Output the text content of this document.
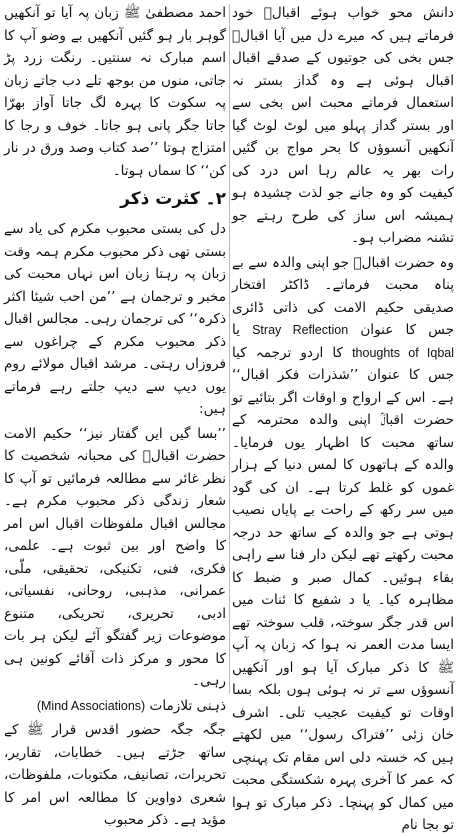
دانش محو خواب ہوئے اقبالؒ خود فرماتے ہیں کہ میرے دل میں آیا اقبالؒ جس بخی کی جوتیوں کے صدقے اقبال اقبال ہوئی ہے وہ گداز بستر نہ استعمال فرماتے محبت اس بخی سے اور بستر گداز پہلو میں لوٹ لوٹ گیا آنکھیں آنسوؤں کا بحر مواج بن گئیں رات بھر یہ عالم رہا اس درد کی کیفیت کو وہ جانے جو لذت چشیدہ ہو ہمیشہ اس ساز کی طرح رہتے جو تشنہ مضراب ہو۔

وہ حضرت اقبالؒ جو اپنی والدہ سے بے پناہ محبت فرماتے۔ ڈاکٹر افتخار صدیقی حکیم الامت کی ذاتی ڈائری جس کا عنوان Stray Reflection یا thoughts of Iqbal کا اردو ترجمہ کیا جس کا عنوان ’’شذرات فکر اقبال‘‘ ہے۔ اس کے ارواح و اوقات اگر بتائیے تو حضرت اقبالؒ اپنی والدہ محترمہ کے ساتھ محبت کا اظہار یوں فرمایا۔ والدہ کے ہاتھوں کا لمس دنیا کے ہزار غموں کو غلط کرتا ہے۔ ان کی گود میں سر رکھ کے راحت بے پایاں نصیب ہوتی ہے جو والدہ کے ساتھ حد درجہ محبت رکھتے تھے لیکن دار فنا سے راہی بقاء ہوئیں۔ کمال صبر و ضبط کا مظاہرہ کیا۔ یا د شفیع کا ئنات میں اس قدر جگر سوختہ، قلب سوختہ تھے ایسا مدت العمر نہ ہوا کہ زبان پہ آپ ﷺ کا ذکر مبارک آیا ہو اور آنکھیں آنسوؤں سے تر نہ ہوئی ہوں بلکہ بسا اوقات تو کیفیت عجیب تلی۔ اشرف خان زئی ’’فتراک رسول‘‘ میں لکھتے ہیں کہ خستہ دلی اس مقام تک پہنچی کہ عمر کا آخری پہرہ شکستگی محبت میں کمال کو پہنچا۔ ذکر مبارک تو ہوا تو بجا نام

احمد مصطفیٰ ﷺ زبان پہ آیا تو آنکھیں گوہر بار ہو گئیں آنکھیں بے وضو آپ کا اسم مبارک نہ سنتیں۔ رنگت زرد پڑ جاتی، منوں من بوجھ تلے دب جاتے زبان پہ سکوت کا پہرہ لگ جاتا آواز بھرّا جاتا جگر پانی ہو جاتا۔ خوف و رجا کا امتزاج ہوتا ’’صد کتاب وصد ورق در نار کن‘‘ کا سماں ہوتا۔

۲۔ کثرت ذکر

دل کی بستی محبوب مکرم کی یاد سے بستی تھی ذکر محبوب مکرم ہمہ وقت زبان پہ رہتا زبان اس نہاں محبت کی مخبر و ترجمان ہے ’’من احب شیئا اکثر ذکرہ‘‘ کی ترجمان رہی۔ مجالس اقبال ذکر محبوب مکرم کے چراغوں سے فروزاں رہتی۔ مرشد اقبال مولائے روم یوں دیپ سے دیپ جلتے رہے فرماتے ہیں:

’’بسا گیں ایں گفتار نیز‘‘ حکیم الامت حضرت اقبالؒ کی محبانہ شخصیت کا نظر غائر سے مطالعہ فرمائیں تو آپ کا شعار زندگی ذکر محبوب مکرم ہے۔ مجالس اقبال ملفوظات اقبال اس امر کا واضح اور بین ثبوت ہے۔ علمی، فکری، فنی، تکنیکی، تحقیقی، ملّی، عمرانی، مذہبی، روحانی، نفسیاتی، ادبی، تحریری، تحریکی، متنوع موضوعات زیر گفتگو آئے لیکن ہر بات کا محور و مرکز ذات آقائے کونین ہی رہی۔

ذہنی تلازمات (Mind Associations)

جگہ جگہ حضور اقدس قرار ﷺ کے ساتھ جڑتے ہیں۔ خطابات، تقاریر، تحریرات، تصانیف، مکتوبات، ملفوظات، شعری دواوین کا مطالعہ اس امر کا مؤید ہے۔ ذکر محبوب
